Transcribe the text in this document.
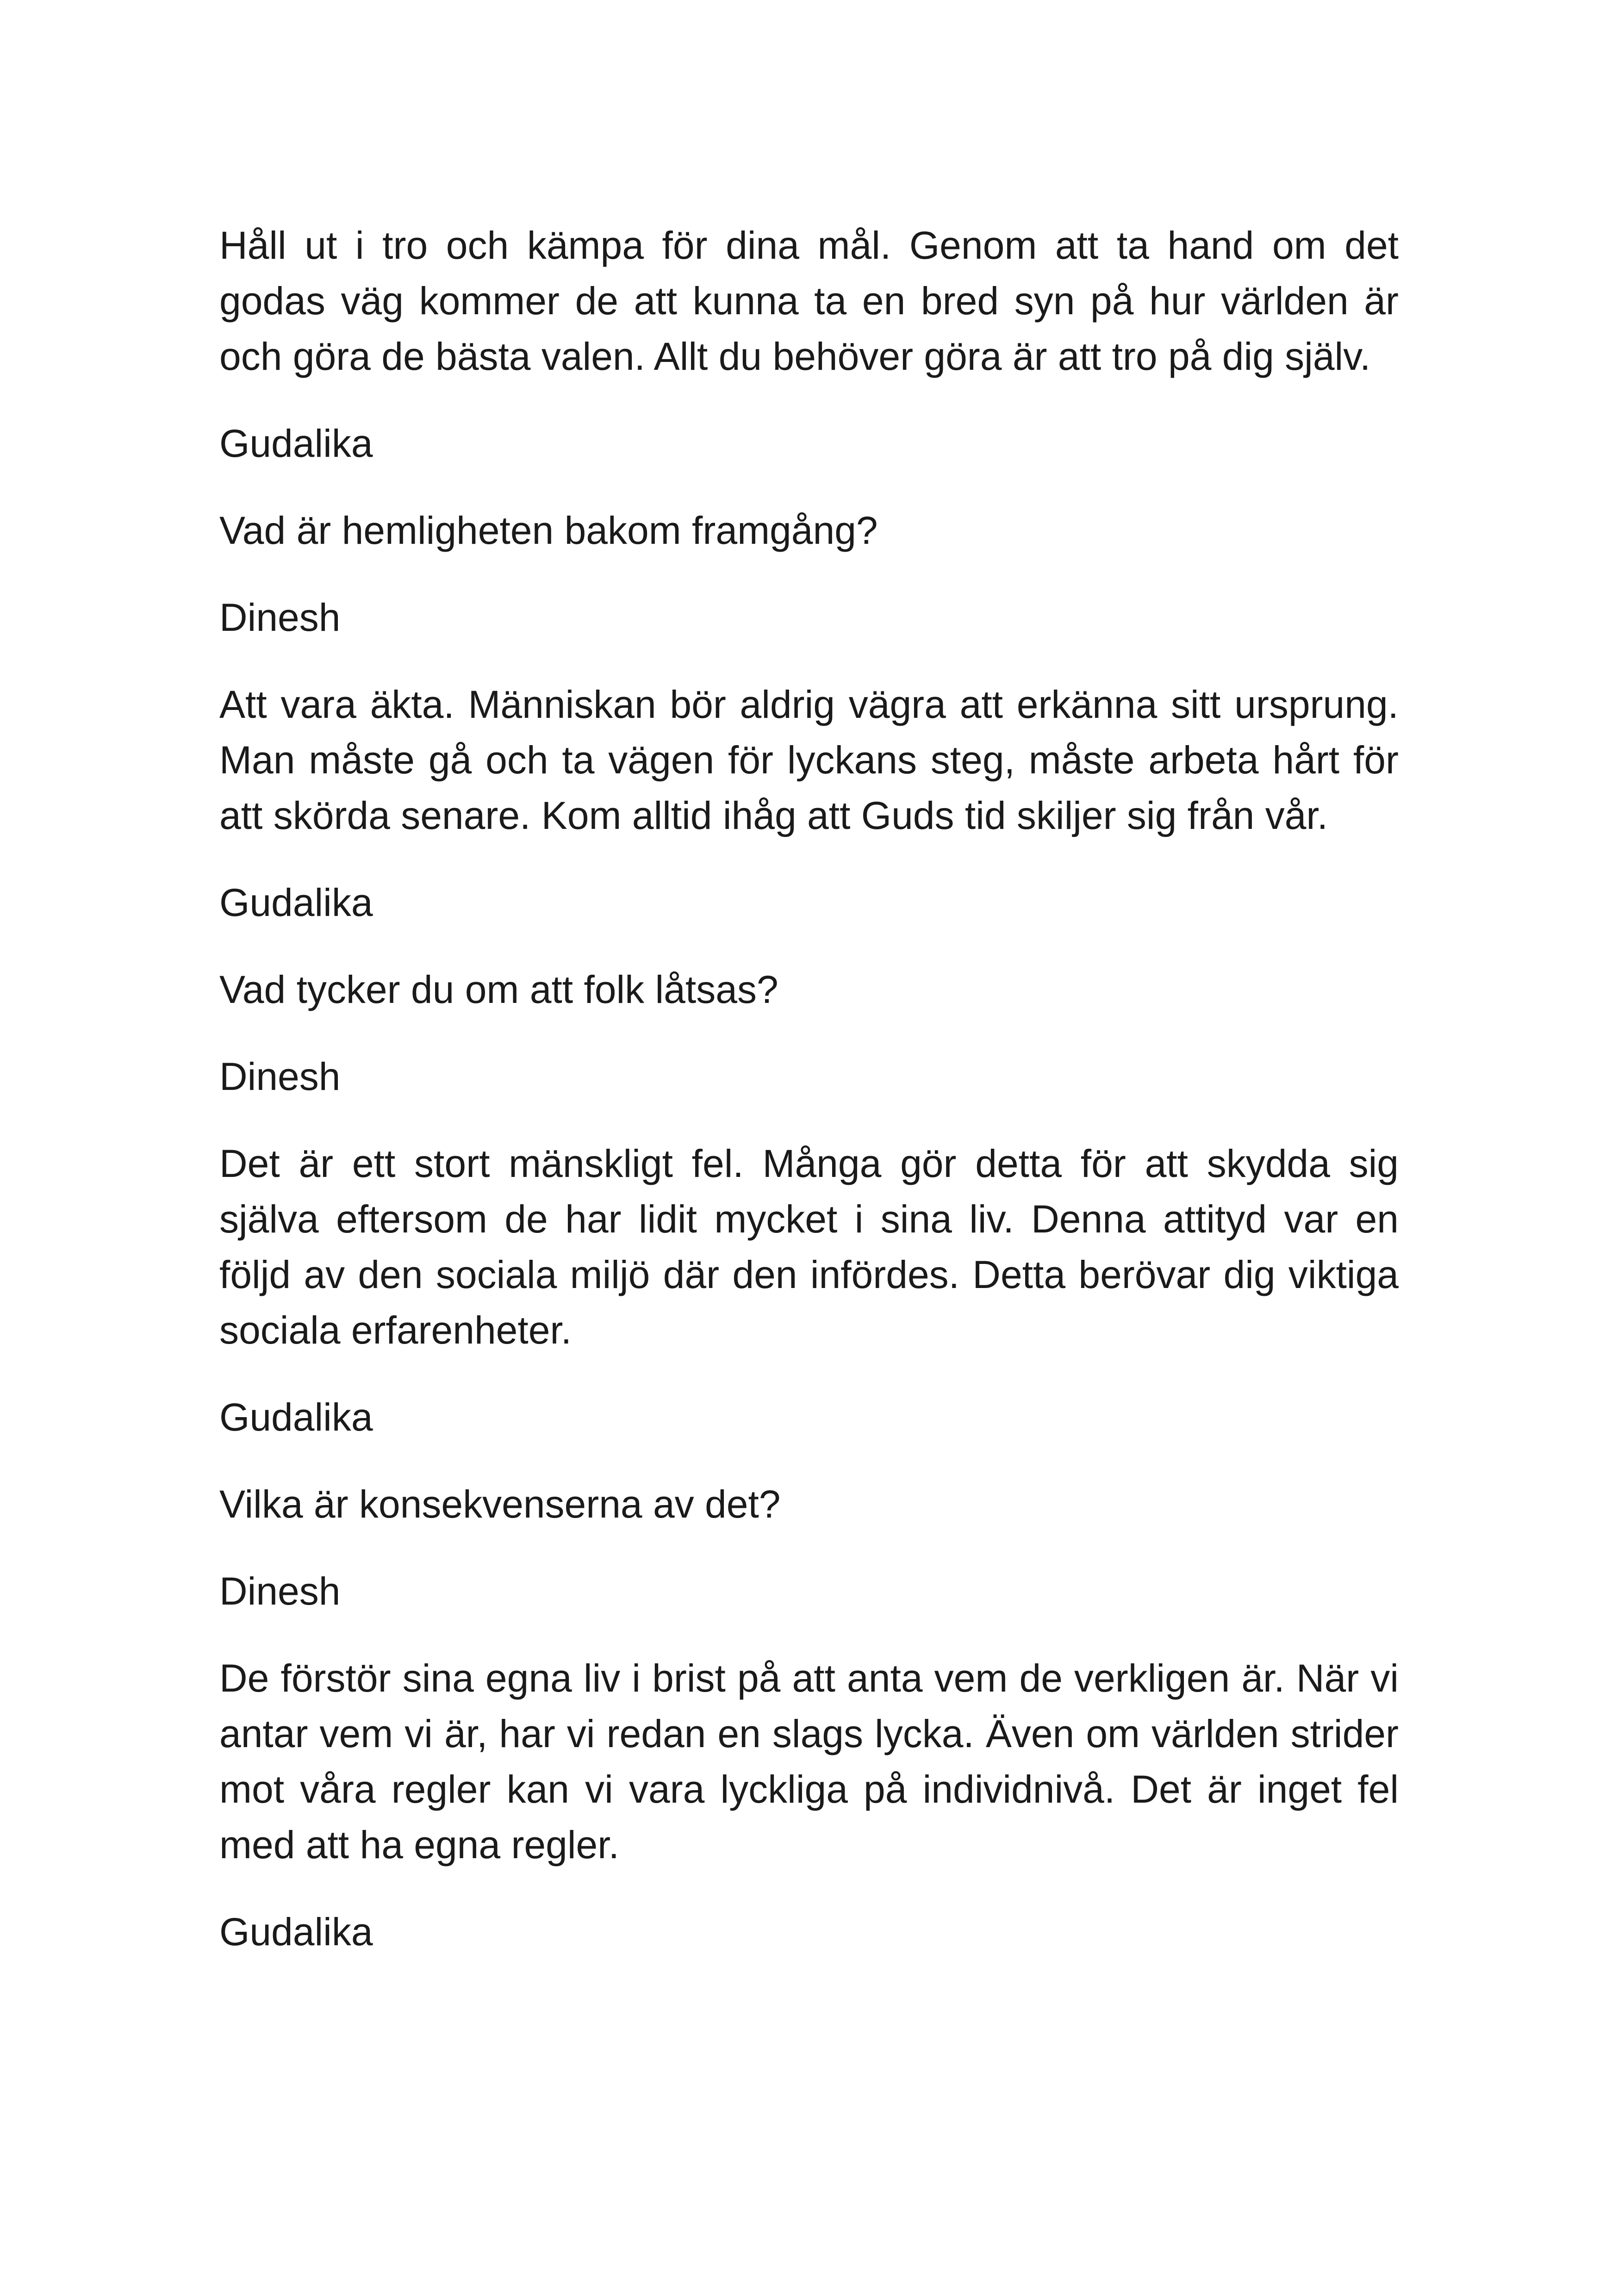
Håll ut i tro och kämpa för dina mål. Genom att ta hand om det godas väg kommer de att kunna ta en bred syn på hur världen är och göra de bästa valen. Allt du behöver göra är att tro på dig själv.

Gudalika

Vad är hemligheten bakom framgång?

Dinesh

Att vara äkta. Människan bör aldrig vägra att erkänna sitt ursprung. Man måste gå och ta vägen för lyckans steg, måste arbeta hårt för att skörda senare. Kom alltid ihåg att Guds tid skiljer sig från vår.

Gudalika

Vad tycker du om att folk låtsas?

Dinesh

Det är ett stort mänskligt fel. Många gör detta för att skydda sig själva eftersom de har lidit mycket i sina liv. Denna attityd var en följd av den sociala miljö där den infördes. Detta berövar dig viktiga sociala erfarenheter.

Gudalika

Vilka är konsekvenserna av det?

Dinesh

De förstör sina egna liv i brist på att anta vem de verkligen är. När vi antar vem vi är, har vi redan en slags lycka. Även om världen strider mot våra regler kan vi vara lyckliga på individnivå. Det är inget fel med att ha egna regler.

Gudalika
